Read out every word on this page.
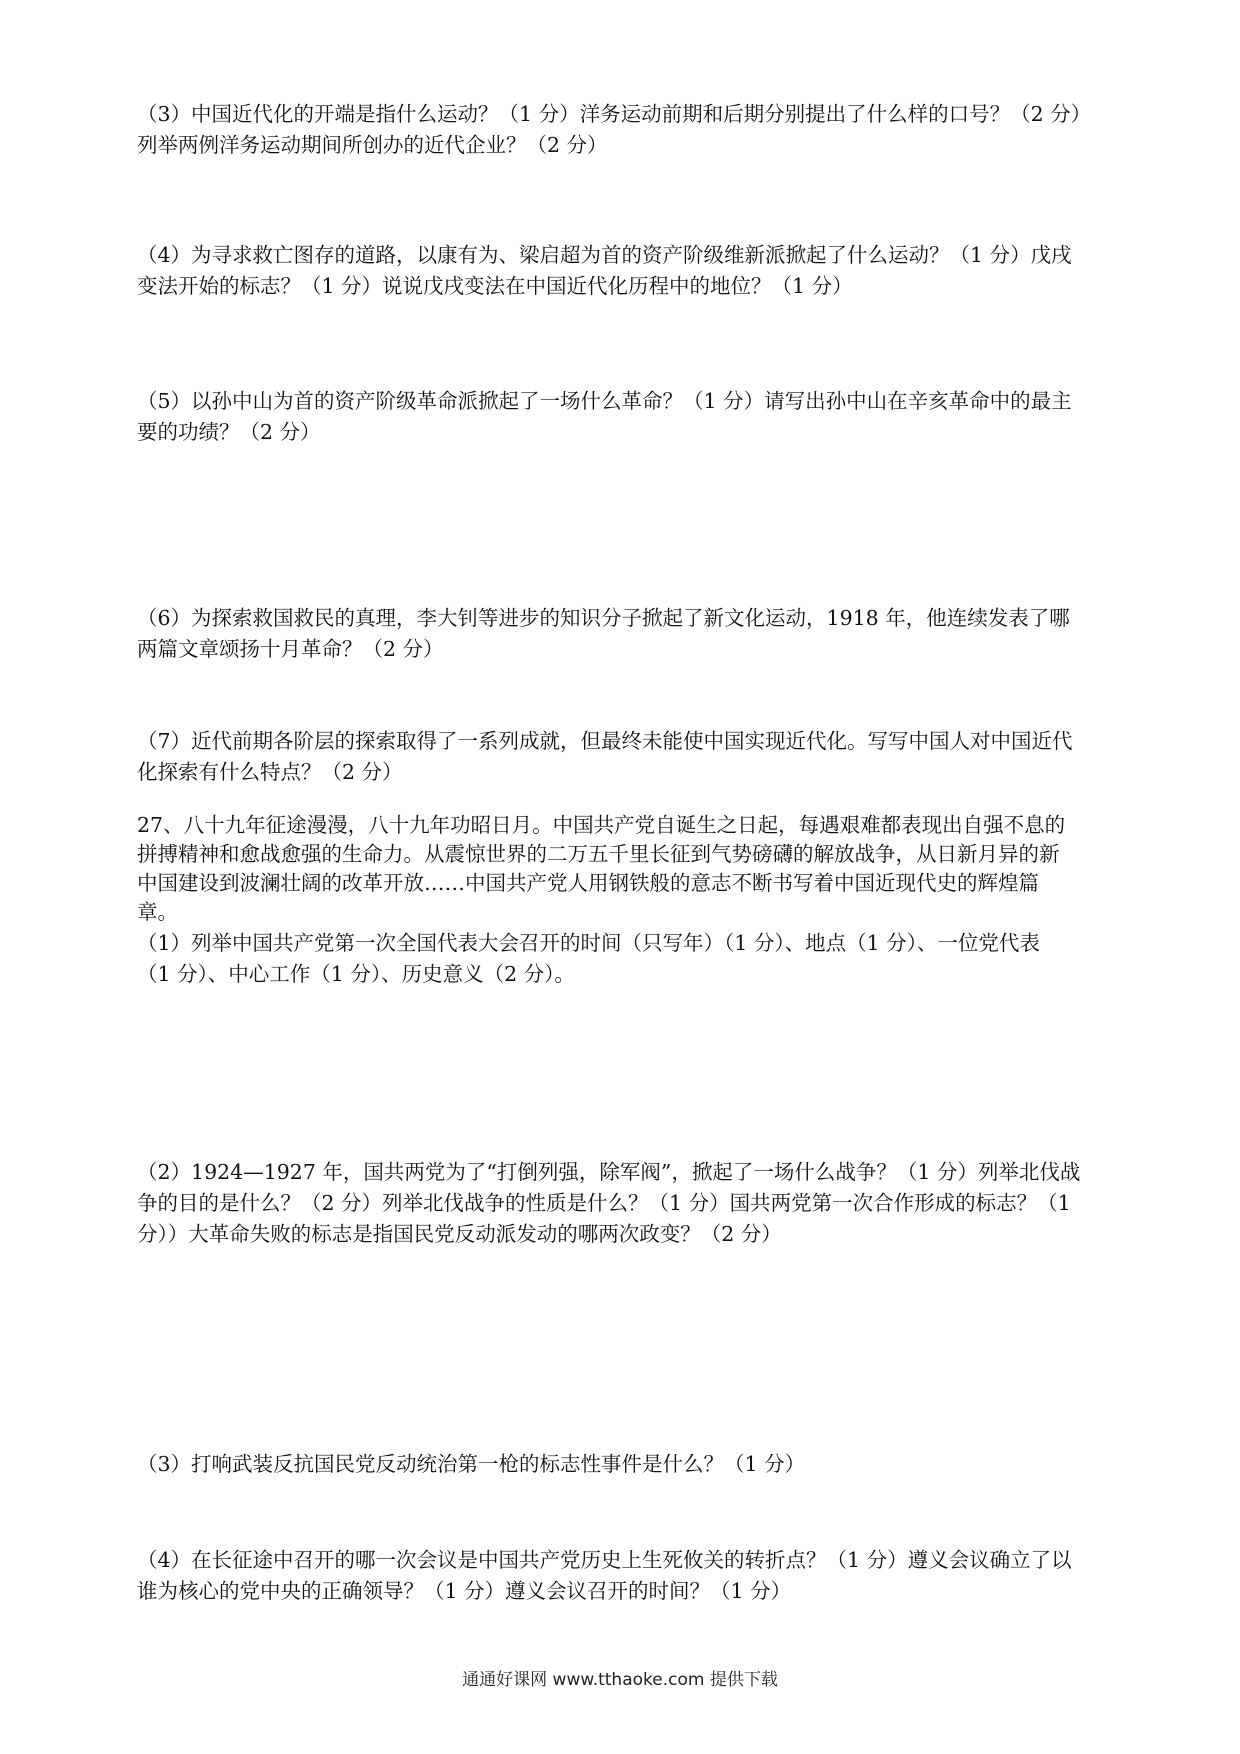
（3）中国近代化的开端是指什么运动？（1 分）洋务运动前期和后期分别提出了什么样的口号？（2 分）
列举两例洋务运动期间所创办的近代企业？（2 分）

（4）为寻求救亡图存的道路，以康有为、梁启超为首的资产阶级维新派掀起了什么运动？（1 分）戊戌
变法开始的标志？（1 分）说说戊戌变法在中国近代化历程中的地位？（1 分）

（5）以孙中山为首的资产阶级革命派掀起了一场什么革命？（1 分）请写出孙中山在辛亥革命中的最主
要的功绩？（2 分）

（6）为探索救国救民的真理，李大钊等进步的知识分子掀起了新文化运动，1918 年，他连续发表了哪
两篇文章颂扬十月革命？（2 分）

（7）近代前期各阶层的探索取得了一系列成就，但最终未能使中国实现近代化。写写中国人对中国近代
化探索有什么特点？（2 分）

27、八十九年征途漫漫，八十九年功昭日月。中国共产党自诞生之日起，每遇艰难都表现出自强不息的
拼搏精神和愈战愈强的生命力。从震惊世界的二万五千里长征到气势磅礴的解放战争，从日新月异的新
中国建设到波澜壮阔的改革开放……中国共产党人用钢铁般的意志不断书写着中国近现代史的辉煌篇
章。

（1）列举中国共产党第一次全国代表大会召开的时间（只写年）（1 分）、地点（1 分）、一位党代表
（1 分）、中心工作（1 分）、历史意义（2 分）。

（2）1924—1927 年，国共两党为了“打倒列强，除军阀”，掀起了一场什么战争？（1 分）列举北伐战
争的目的是什么？（2 分）列举北伐战争的性质是什么？（1 分）国共两党第一次合作形成的标志？（1
分））大革命失败的标志是指国民党反动派发动的哪两次政变？（2 分）

（3）打响武装反抗国民党反动统治第一枪的标志性事件是什么？（1 分）

（4）在长征途中召开的哪一次会议是中国共产党历史上生死攸关的转折点？（1 分）遵义会议确立了以
谁为核心的党中央的正确领导？（1 分）遵义会议召开的时间？（1 分）

通通好课网 www.tthaoke.com 提供下载
